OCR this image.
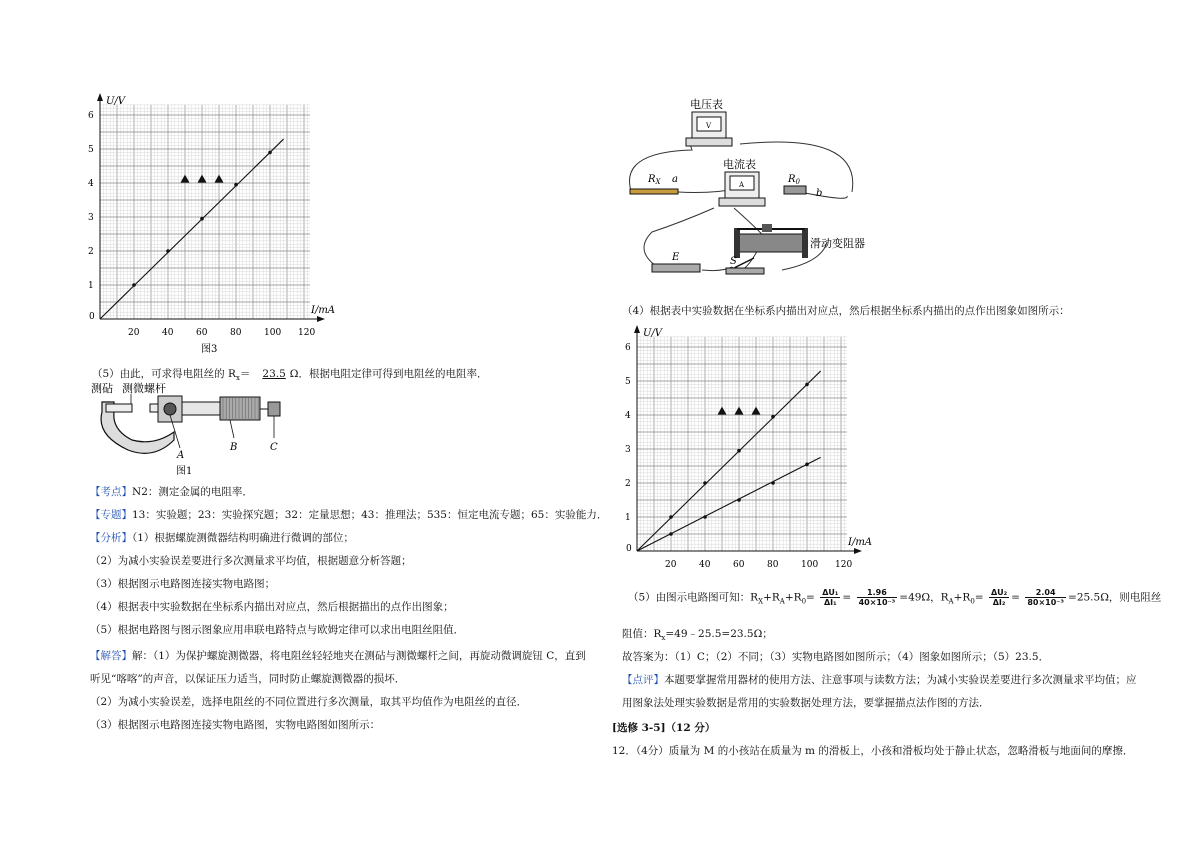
U/V
I/mA
0
20	40	60	80	100 120
1
2
3
4
5
6
图3
（5）由此，可求得电阻丝的 $R_x= 23.5$ Ω．根据电阻定律可得到电阻丝的电阻率．
测砧 测微螺杆
A
B	C
图1
【考点】N2：测定金属的电阻率．
【专题】13：实验题；23：实验探究题；32：定量思想；43：推理法；535：恒定电流专题；65：实验能力．
【分析】（1）根据螺旋测微器结构明确进行微调的部位；
（2）为减小实验误差要进行多次测量求平均值，根据题意分析答题；
（3）根据图示电路图连接实物电路图；
（4）根据表中实验数据在坐标系内描出对应点，然后根据描出的点作出图象；
（5）根据电路图与图示图象应用串联电路特点与欧姆定律可以求出电阻丝阻值．
【解答】解：（1）为保护螺旋测微器，将电阻丝轻轻地夹在测砧与测微螺杆之间，再旋动微调旋钮 C，直到
听见“喀喀”的声音，以保证压力适当，同时防止螺旋测微器的损坏．
（2）为减小实验误差，选择电阻丝的不同位置进行多次测量，取其平均值作为电阻丝的直径．
（3）根据图示电路图连接实物电路图，实物电路图如图所示：
V
电压表
A
电流表
$R_X$ a	$R_0$
b
滑动变阻器
E	S
（4）根据表中实验数据在坐标系内描出对应点，然后根据坐标系内描出的点作出图象如图所示：
U/V
I/mA
0
20	40	60	80	100 120
1
2
3
4
5
6
（5）由图示电路图可知：$R_X+R_A+R_0= \frac{\text{ΔU₁}}{\text{ΔI₁}} = \frac{1.96}{\text{40×10⁻³}} =49\Omega$，$R_A+R_0= \frac{\text{ΔU₂}}{\text{ΔI₂}} = \frac{2.04}{\text{80×10⁻³}} =25.5\Omega$，则电阻丝
阻值：$R_x=49﹣25.5=23.5\Omega$；
故答案为：（1）C；（2）不同；（3）实物电路图如图所示；（4）图象如图所示；（5）23.5．
【点评】本题要掌握常用器材的使用方法、注意事项与读数方法；为减小实验误差要进行多次测量求平均值；应
用图象法处理实验数据是常用的实验数据处理方法，要掌握描点法作图的方法．
[选修 3-5]（12 分）
12．（4分）质量为 M 的小孩站在质量为 m 的滑板上，小孩和滑板均处于静止状态，忽略滑板与地面间的摩擦．
